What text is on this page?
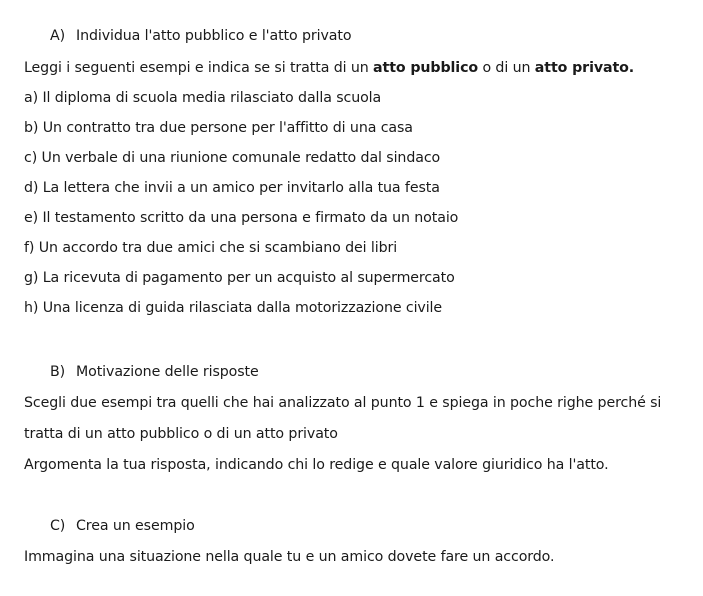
A) Individua l'atto pubblico e l'atto privato
Leggi i seguenti esempi e indica se si tratta di un atto pubblico o di un atto privato.
a) Il diploma di scuola media rilasciato dalla scuola
b) Un contratto tra due persone per l'affitto di una casa
c) Un verbale di una riunione comunale redatto dal sindaco
d) La lettera che invii a un amico per invitarlo alla tua festa
e) Il testamento scritto da una persona e firmato da un notaio
f) Un accordo tra due amici che si scambiano dei libri
g) La ricevuta di pagamento per un acquisto al supermercato
h) Una licenza di guida rilasciata dalla motorizzazione civile
B) Motivazione delle risposte
Scegli due esempi tra quelli che hai analizzato al punto 1 e spiega in poche righe perché si
tratta di un atto pubblico o di un atto privato
Argomenta la tua risposta, indicando chi lo redige e quale valore giuridico ha l'atto.
C) Crea un esempio
Immagina una situazione nella quale tu e un amico dovete fare un accordo.
